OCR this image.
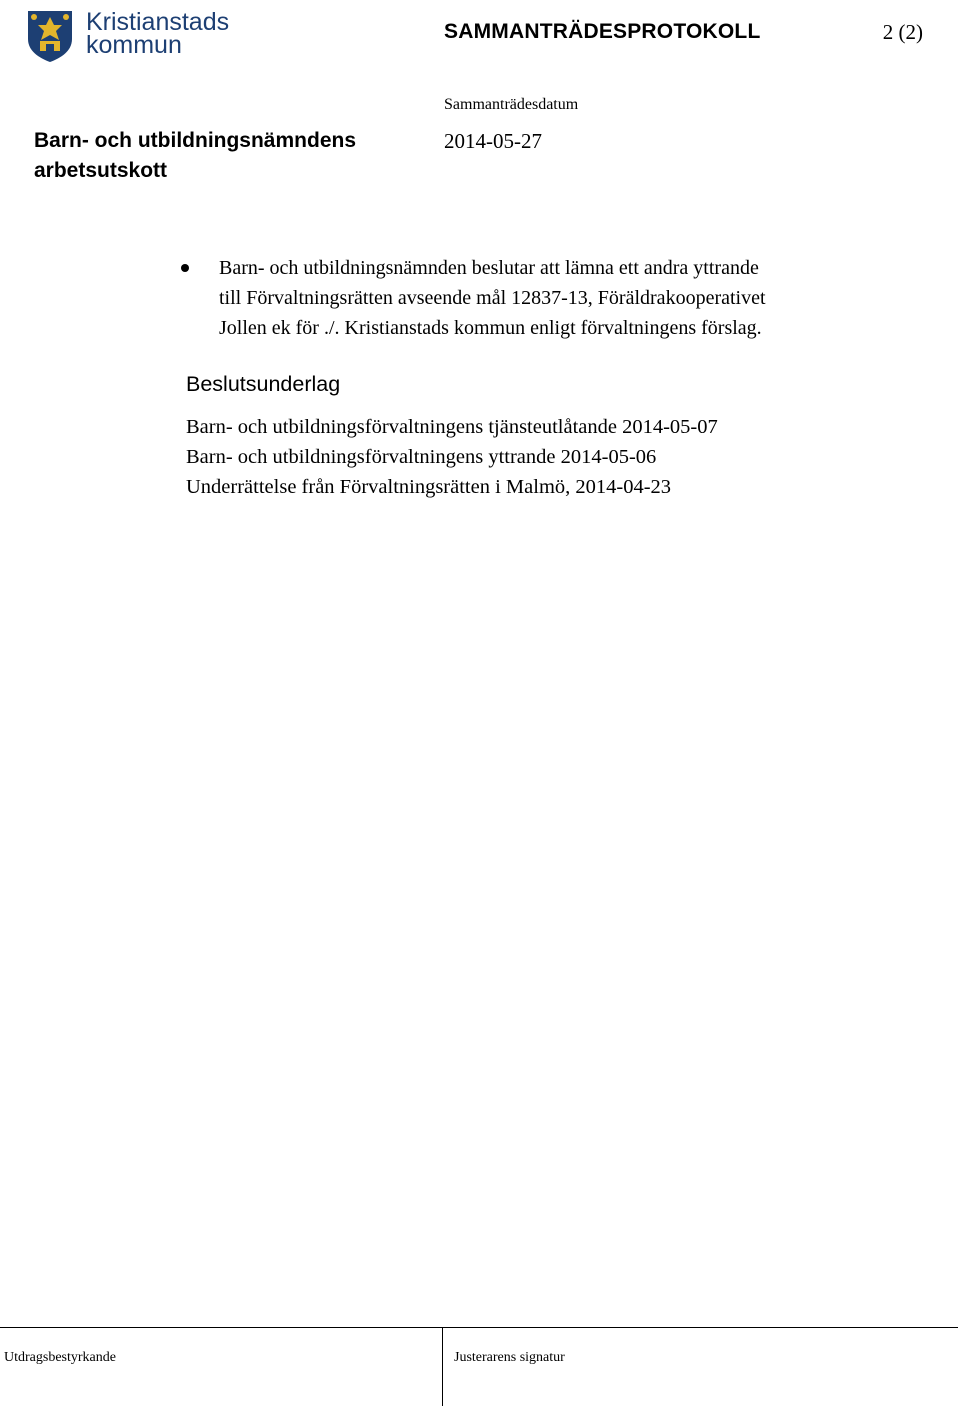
Kristianstads
kommun	SAMMANTRÄDESPROTOKOLL	2 (2)
Barn- och utbildningsnämndens arbetsutskott
Sammanträdesdatum
2014-05-27
Barn- och utbildningsnämnden beslutar att lämna ett andra yttrande
till Förvaltningsrätten avseende mål 12837-13, Föräldrakooperativet
Jollen ek för ./. Kristianstads kommun enligt förvaltningens förslag.
Beslutsunderlag
Barn- och utbildningsförvaltningens tjänsteutlåtande 2014-05-07
Barn- och utbildningsförvaltningens yttrande 2014-05-06
Underrättelse från Förvaltningsrätten i Malmö, 2014-04-23
Utdragsbestyrkande	Justerarens signatur
